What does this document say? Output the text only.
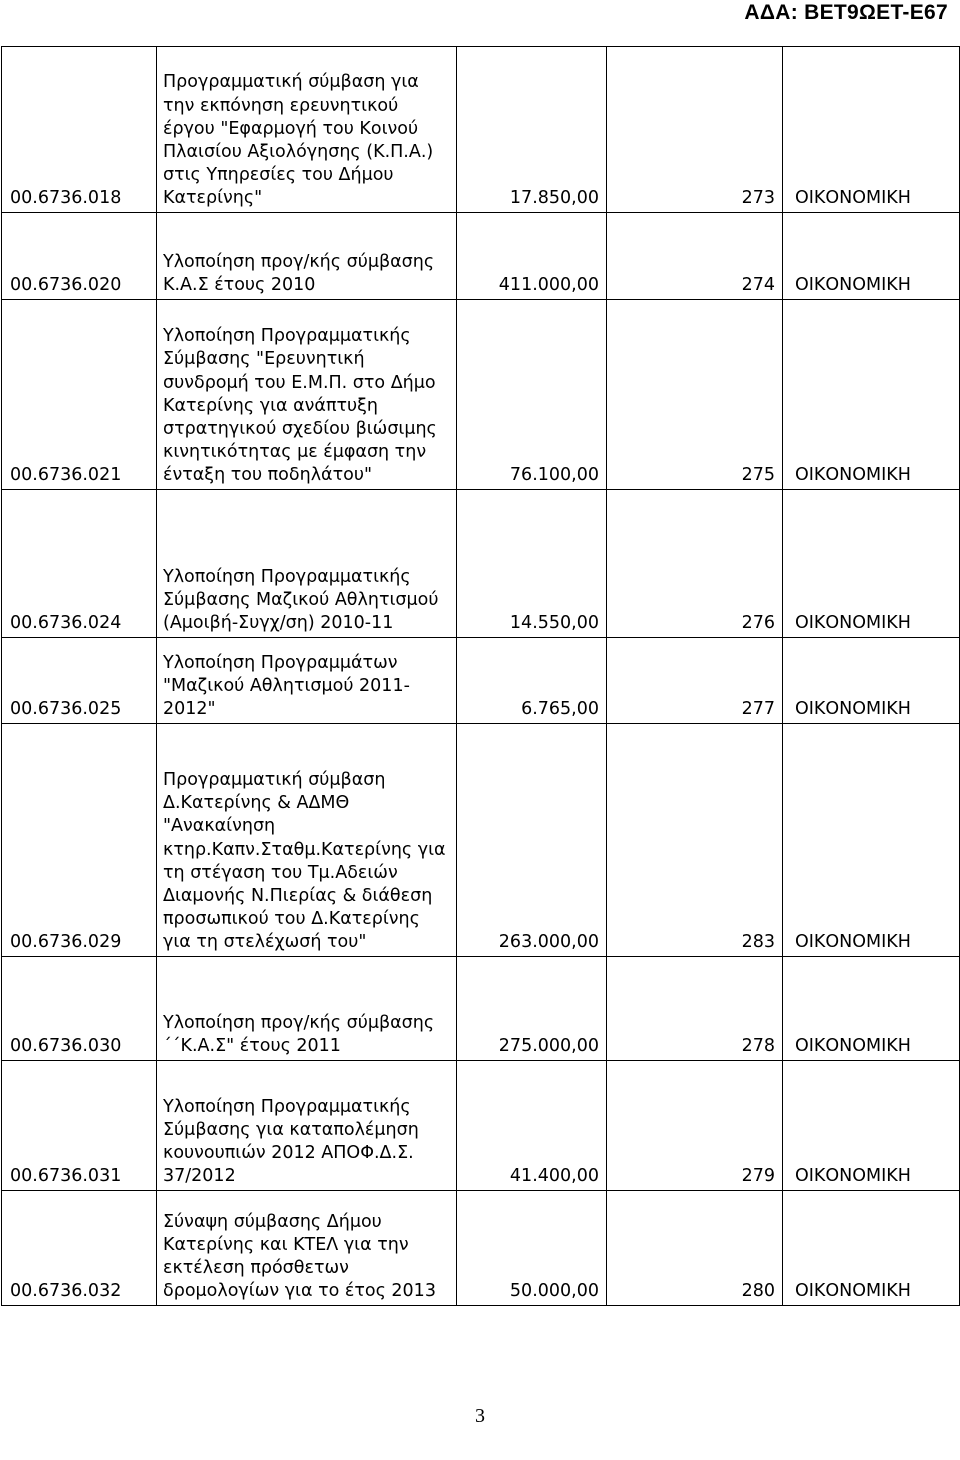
ΑΔΑ: ΒΕΤ9ΩΕΤ-Ε67
00.6736.018	Προγραμματική σύμβαση για την εκπόνηση ερευνητικού έργου "Εφαρμογή του Κοινού Πλαισίου Αξιολόγησης (Κ.Π.Α.) στις Υπηρεσίες του Δήμου Κατερίνης"	17.850,00	273	ΟΙΚΟΝΟΜΙΚΗ
00.6736.020	Υλοποίηση προγ/κής σύμβασης Κ.Α.Σ έτους 2010	411.000,00	274	ΟΙΚΟΝΟΜΙΚΗ
00.6736.021	Υλοποίηση Προγραμματικής Σύμβασης "Ερευνητική συνδρομή του Ε.Μ.Π. στο Δήμο Κατερίνης για ανάπτυξη στρατηγικού σχεδίου βιώσιμης κινητικότητας με έμφαση την ένταξη του ποδηλάτου"	76.100,00	275	ΟΙΚΟΝΟΜΙΚΗ
00.6736.024	Υλοποίηση Προγραμματικής Σύμβασης Μαζικού Αθλητισμού (Αμοιβή-Συγχ/ση) 2010-11	14.550,00	276	ΟΙΚΟΝΟΜΙΚΗ
00.6736.025	Υλοποίηση Προγραμμάτων "Μαζικού Αθλητισμού 2011-2012"	6.765,00	277	ΟΙΚΟΝΟΜΙΚΗ
00.6736.029	Προγραμματική σύμβαση Δ.Κατερίνης & ΑΔΜΘ "Ανακαίνηση κτηρ.Καπν.Σταθμ.Κατερίνης για τη στέγαση του Τμ.Αδειών Διαμονής Ν.Πιερίας & διάθεση προσωπικού του Δ.Κατερίνης για τη στελέχωσή του"	263.000,00	283	ΟΙΚΟΝΟΜΙΚΗ
00.6736.030	Υλοποίηση προγ/κής σύμβασης ΄΄Κ.Α.Σ" έτους 2011	275.000,00	278	ΟΙΚΟΝΟΜΙΚΗ
00.6736.031	Υλοποίηση Προγραμματικής Σύμβασης για καταπολέμηση κουνουπιών 2012 ΑΠΟΦ.Δ.Σ. 37/2012	41.400,00	279	ΟΙΚΟΝΟΜΙΚΗ
00.6736.032	Σύναψη σύμβασης Δήμου Κατερίνης και ΚΤΕΛ για την εκτέλεση πρόσθετων δρομολογίων για το έτος 2013	50.000,00	280	ΟΙΚΟΝΟΜΙΚΗ
3
